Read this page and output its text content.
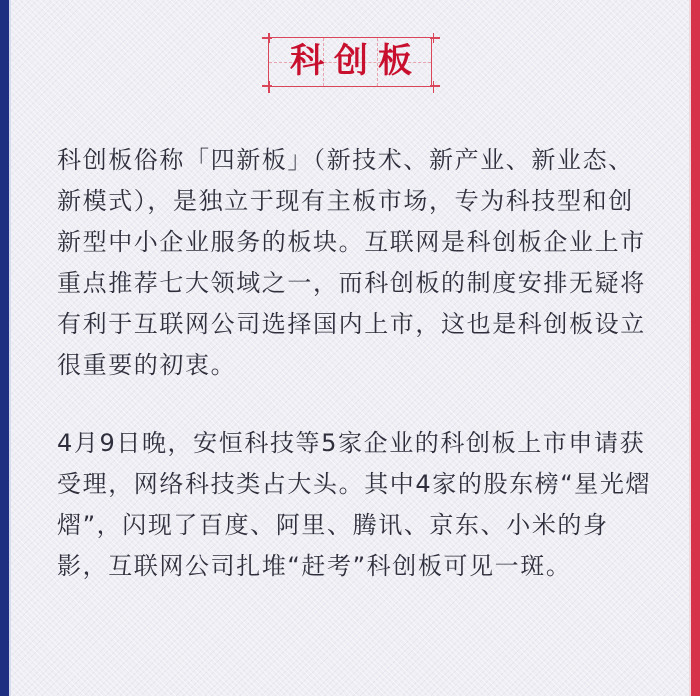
科创板

科创板俗称「四新板」（新技术、新产业、新业态、新模式），是独立于现有主板市场，专为科技型和创新型中小企业服务的板块。互联网是科创板企业上市重点推荐七大领域之一，而科创板的制度安排无疑将有利于互联网公司选择国内上市，这也是科创板设立很重要的初衷。

4月9日晚，安恒科技等5家企业的科创板上市申请获受理，网络科技类占大头。其中4家的股东榜“星光熠熠”，闪现了百度、阿里、腾讯、京东、小米的身影，互联网公司扎堆“赶考”科创板可见一斑。
